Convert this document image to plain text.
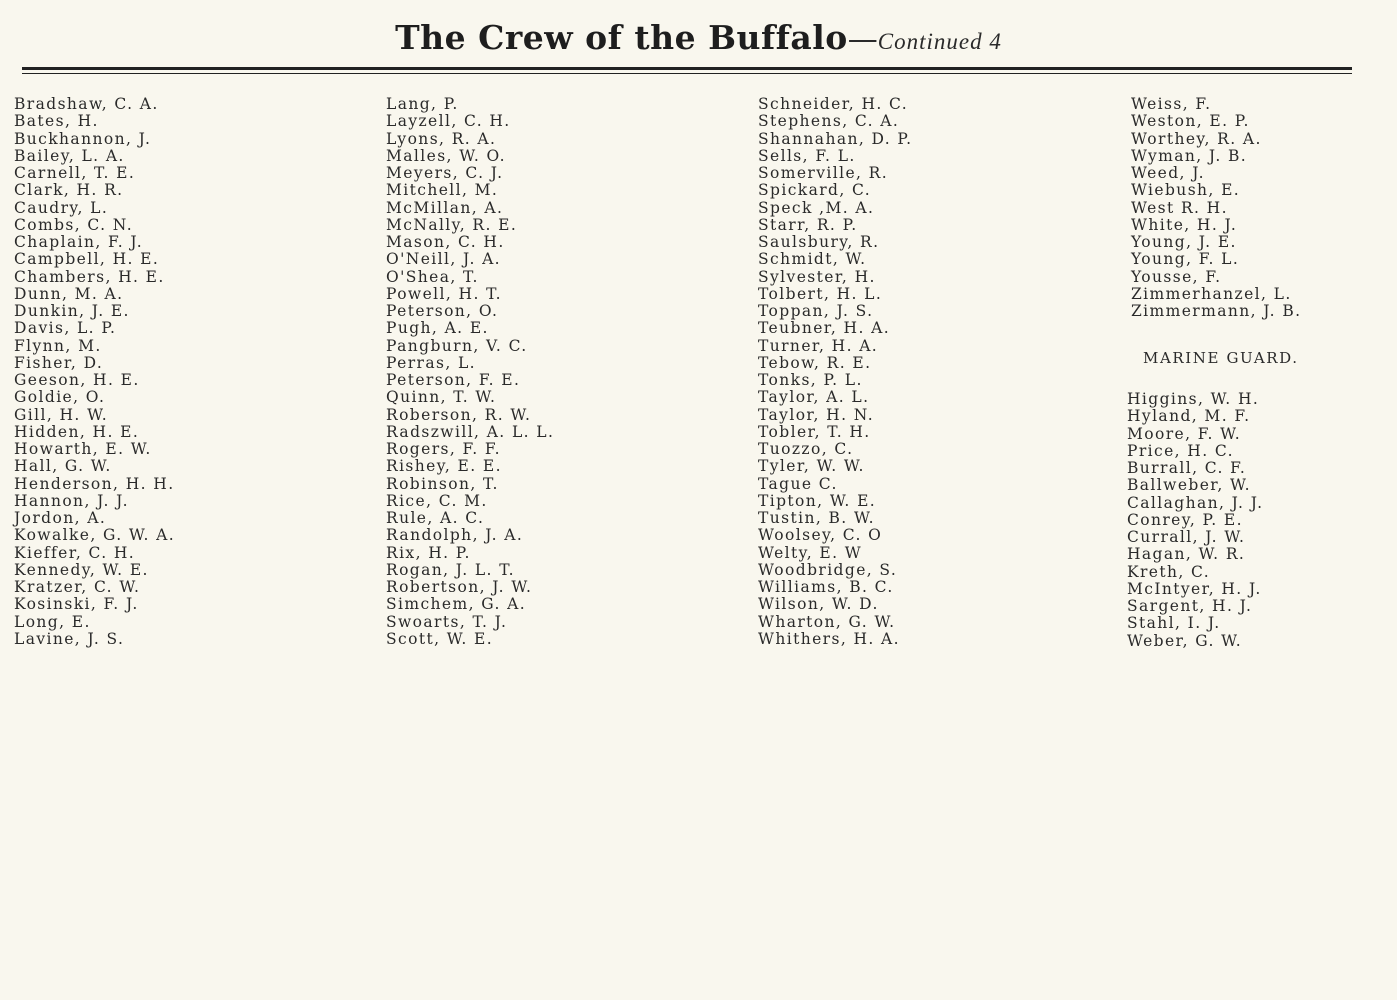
The Crew of the Buffalo—Continued 4
Bradshaw, C. A.
Bates, H.
Buckhannon, J.
Bailey, L. A.
Carnell, T. E.
Clark, H. R.
Caudry, L.
Combs, C. N.
Chaplain, F. J.
Campbell, H. E.
Chambers, H. E.
Dunn, M. A.
Dunkin, J. E.
Davis, L. P.
Flynn, M.
Fisher, D.
Geeson, H. E.
Goldie, O.
Gill, H. W.
Hidden, H. E.
Howarth, E. W.
Hall, G. W.
Henderson, H. H.
Hannon, J. J.
Jordon, A.
Kowalke, G. W. A.
Kieffer, C. H.
Kennedy, W. E.
Kratzer, C. W.
Kosinski, F. J.
Long, E.
Lavine, J. S.
Lang, P.
Layzell, C. H.
Lyons, R. A.
Malles, W. O.
Meyers, C. J.
Mitchell, M.
McMillan, A.
McNally, R. E.
Mason, C. H.
O'Neill, J. A.
O'Shea, T.
Powell, H. T.
Peterson, O.
Pugh, A. E.
Pangburn, V. C.
Perras, L.
Peterson, F. E.
Quinn, T. W.
Roberson, R. W.
Radszwill, A. L. L.
Rogers, F. F.
Rishey, E. E.
Robinson, T.
Rice, C. M.
Rule, A. C.
Randolph, J. A.
Rix, H. P.
Rogan, J. L. T.
Robertson, J. W.
Simchem, G. A.
Swoarts, T. J.
Scott, W. E.
Schneider, H. C.
Stephens, C. A.
Shannahan, D. P.
Sells, F. L.
Somerville, R.
Spickard, C.
Speck ,M. A.
Starr, R. P.
Saulsbury, R.
Schmidt, W.
Sylvester, H.
Tolbert, H. L.
Toppan, J. S.
Teubner, H. A.
Turner, H. A.
Tebow, R. E.
Tonks, P. L.
Taylor, A. L.
Taylor, H. N.
Tobler, T. H.
Tuozzo, C.
Tyler, W. W.
Tague C.
Tipton, W. E.
Tustin, B. W.
Woolsey, C. O
Welty, E. W
Woodbridge, S.
Williams, B. C.
Wilson, W. D.
Wharton, G. W.
Whithers, H. A.
Weiss, F.
Weston, E. P.
Worthey, R. A.
Wyman, J. B.
Weed, J.
Wiebush, E.
West R. H.
White, H. J.
Young, J. E.
Young, F. L.
Yousse, F.
Zimmerhanzel, L.
Zimmermann, J. B.
MARINE GUARD.
Higgins, W. H.
Hyland, M. F.
Moore, F. W.
Price, H. C.
Burrall, C. F.
Ballweber, W.
Callaghan, J. J.
Conrey, P. E.
Currall, J. W.
Hagan, W. R.
Kreth, C.
McIntyer, H. J.
Sargent, H. J.
Stahl, I. J.
Weber, G. W.
